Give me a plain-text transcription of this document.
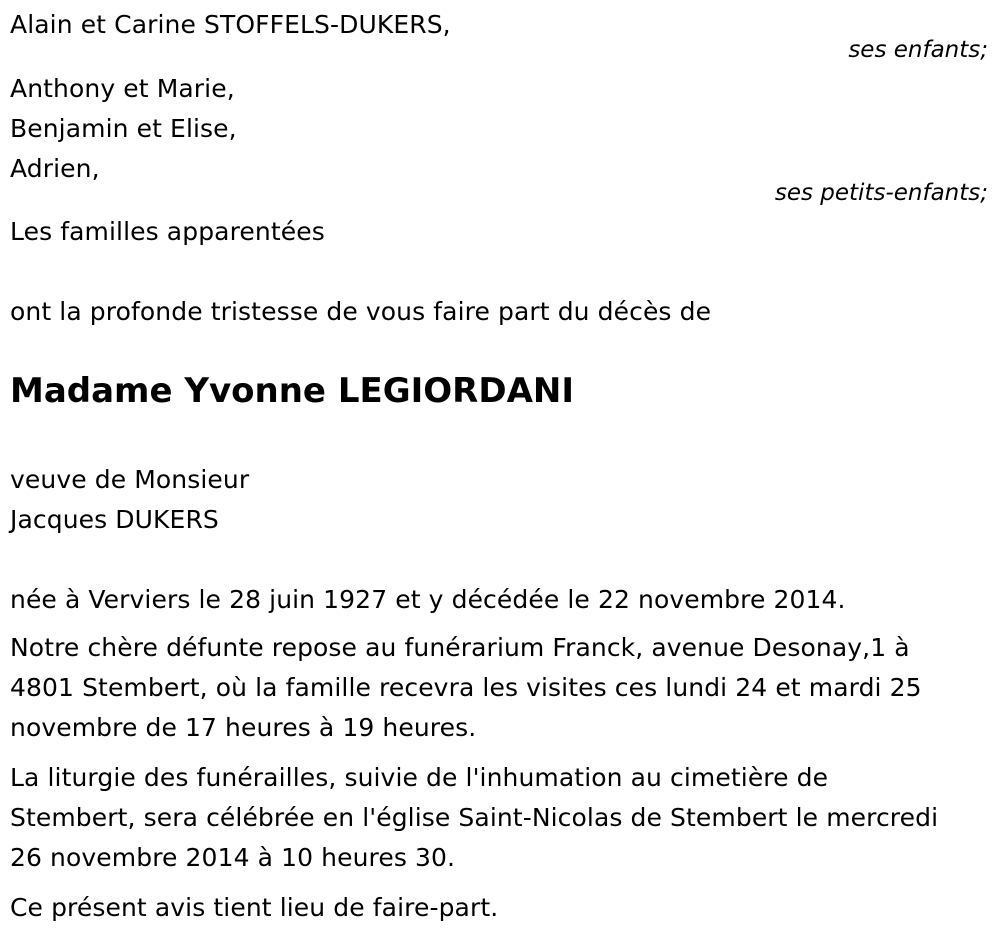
Alain et Carine STOFFELS-DUKERS,
ses enfants;
Anthony et Marie,
Benjamin et Elise,
Adrien,
ses petits-enfants;
Les familles apparentées
ont la profonde tristesse de vous faire part du décès de
Madame Yvonne LEGIORDANI
veuve de Monsieur
Jacques DUKERS
née à Verviers le 28 juin 1927 et y décédée le 22 novembre 2014.
Notre chère défunte repose au funérarium Franck, avenue Desonay,1 à
4801 Stembert, où la famille recevra les visites ces lundi 24 et mardi 25
novembre de 17 heures à 19 heures.
La liturgie des funérailles, suivie de l'inhumation au cimetière de
Stembert, sera célébrée en l'église Saint-Nicolas de Stembert le mercredi
26 novembre 2014 à 10 heures 30.
Ce présent avis tient lieu de faire-part.
